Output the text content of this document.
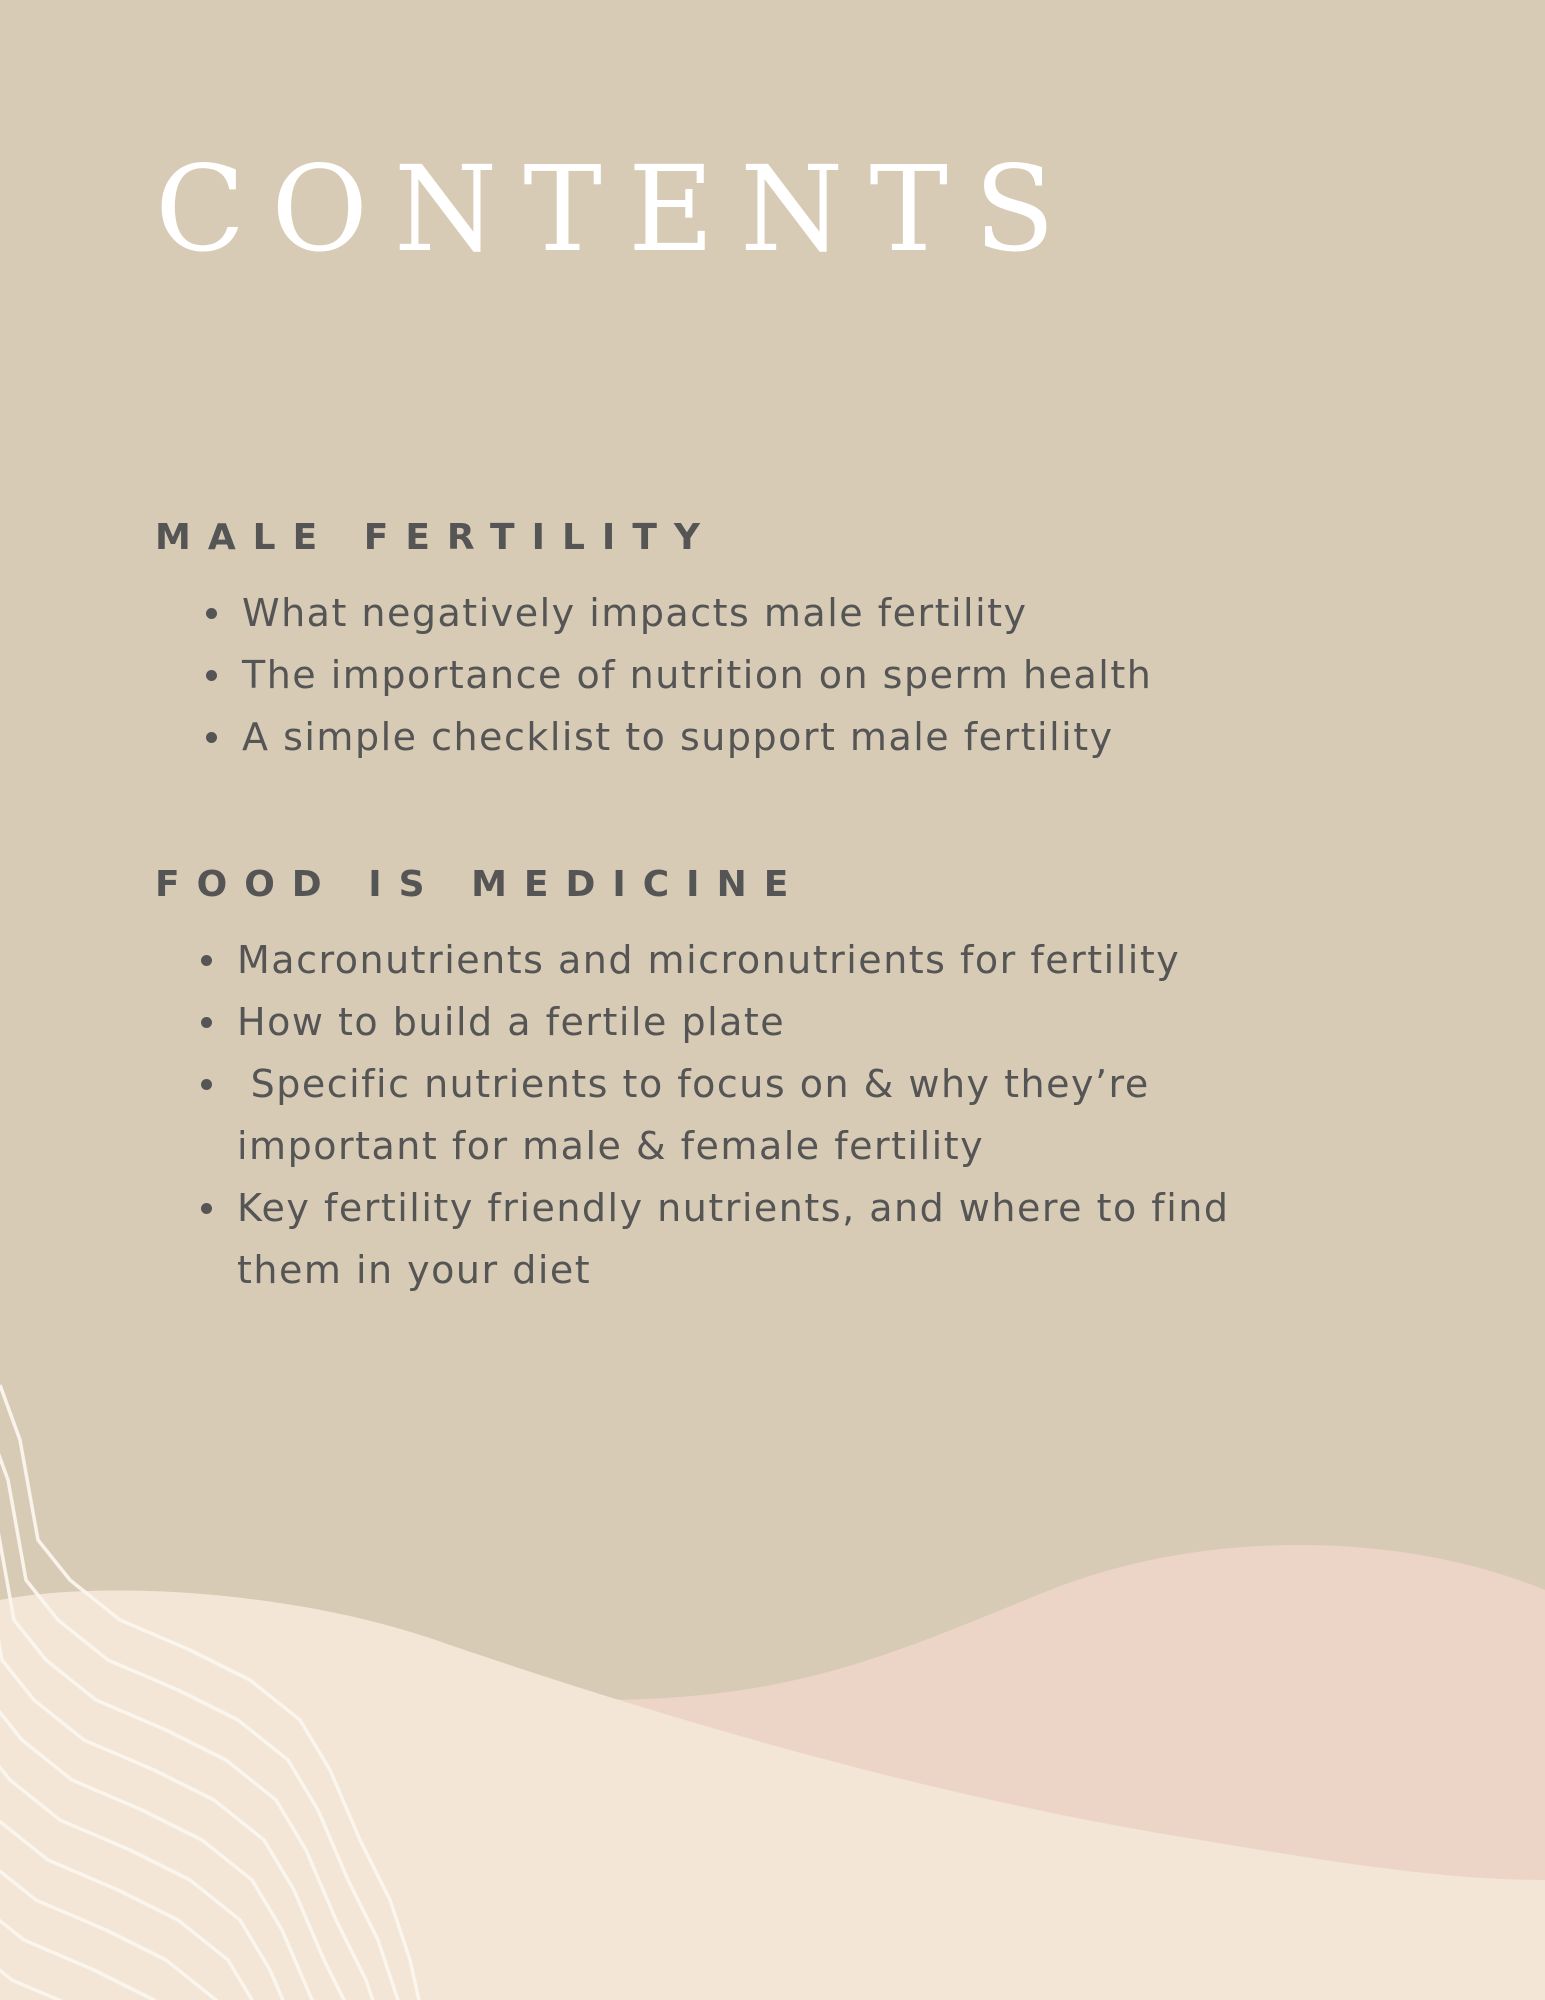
CONTENTS
MALE FERTILITY
What negatively impacts male fertility
The importance of nutrition on sperm health
A simple checklist to support male fertility
FOOD IS MEDICINE
Macronutrients and micronutrients for fertility
How to build a fertile plate
Specific nutrients to focus on & why they’re important for male & female fertility
Key fertility friendly nutrients, and where to find them in your diet
